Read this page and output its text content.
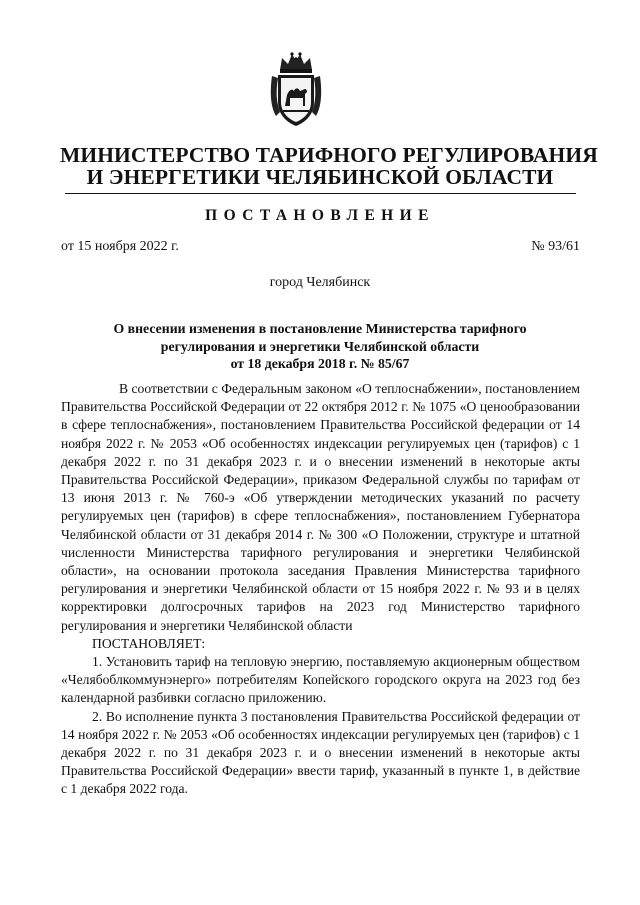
МИНИСТЕРСТВО ТАРИФНОГО РЕГУЛИРОВАНИЯ
И ЭНЕРГЕТИКИ ЧЕЛЯБИНСКОЙ ОБЛАСТИ
ПОСТАНОВЛЕНИЕ
от 15 ноября 2022 г.	№ 93/61
город Челябинск
О внесении изменения в постановление Министерства тарифного
регулирования и энергетики Челябинской области
от 18 декабря 2018 г. № 85/67

В соответствии с Федеральным законом «О теплоснабжении», постановлением Правительства Российской Федерации от 22 октября 2012 г. № 1075 «О ценообразовании в сфере теплоснабжения», постановлением Правительства Российской федерации от 14 ноября 2022 г. № 2053 «Об особенностях индексации регулируемых цен (тарифов) с 1 декабря 2022 г. по 31 декабря 2023 г. и о внесении изменений в некоторые акты Правительства Российской Федерации», приказом Федеральной службы по тарифам от 13 июня 2013 г. № 760-э «Об утверждении методических указаний по расчету регулируемых цен (тарифов) в сфере теплоснабжения», постановлением Губернатора Челябинской области от 31 декабря 2014 г. № 300 «О Положении, структуре и штатной численности Министерства тарифного регулирования и энергетики Челябинской области», на основании протокола заседания Правления Министерства тарифного регулирования и энергетики Челябинской области от 15 ноября 2022 г. № 93 и в целях корректировки долгосрочных тарифов на 2023 год Министерство тарифного регулирования и энергетики Челябинской области

ПОСТАНОВЛЯЕТ:

1. Установить тариф на тепловую энергию, поставляемую акционерным обществом «Челябоблкоммунэнерго» потребителям Копейского городского округа на 2023 год без календарной разбивки согласно приложению.

2. Во исполнение пункта 3 постановления Правительства Российской федерации от 14 ноября 2022 г. № 2053 «Об особенностях индексации регулируемых цен (тарифов) с 1 декабря 2022 г. по 31 декабря 2023 г. и о внесении изменений в некоторые акты Правительства Российской Федерации» ввести тариф, указанный в пункте 1, в действие с 1 декабря 2022 года.
